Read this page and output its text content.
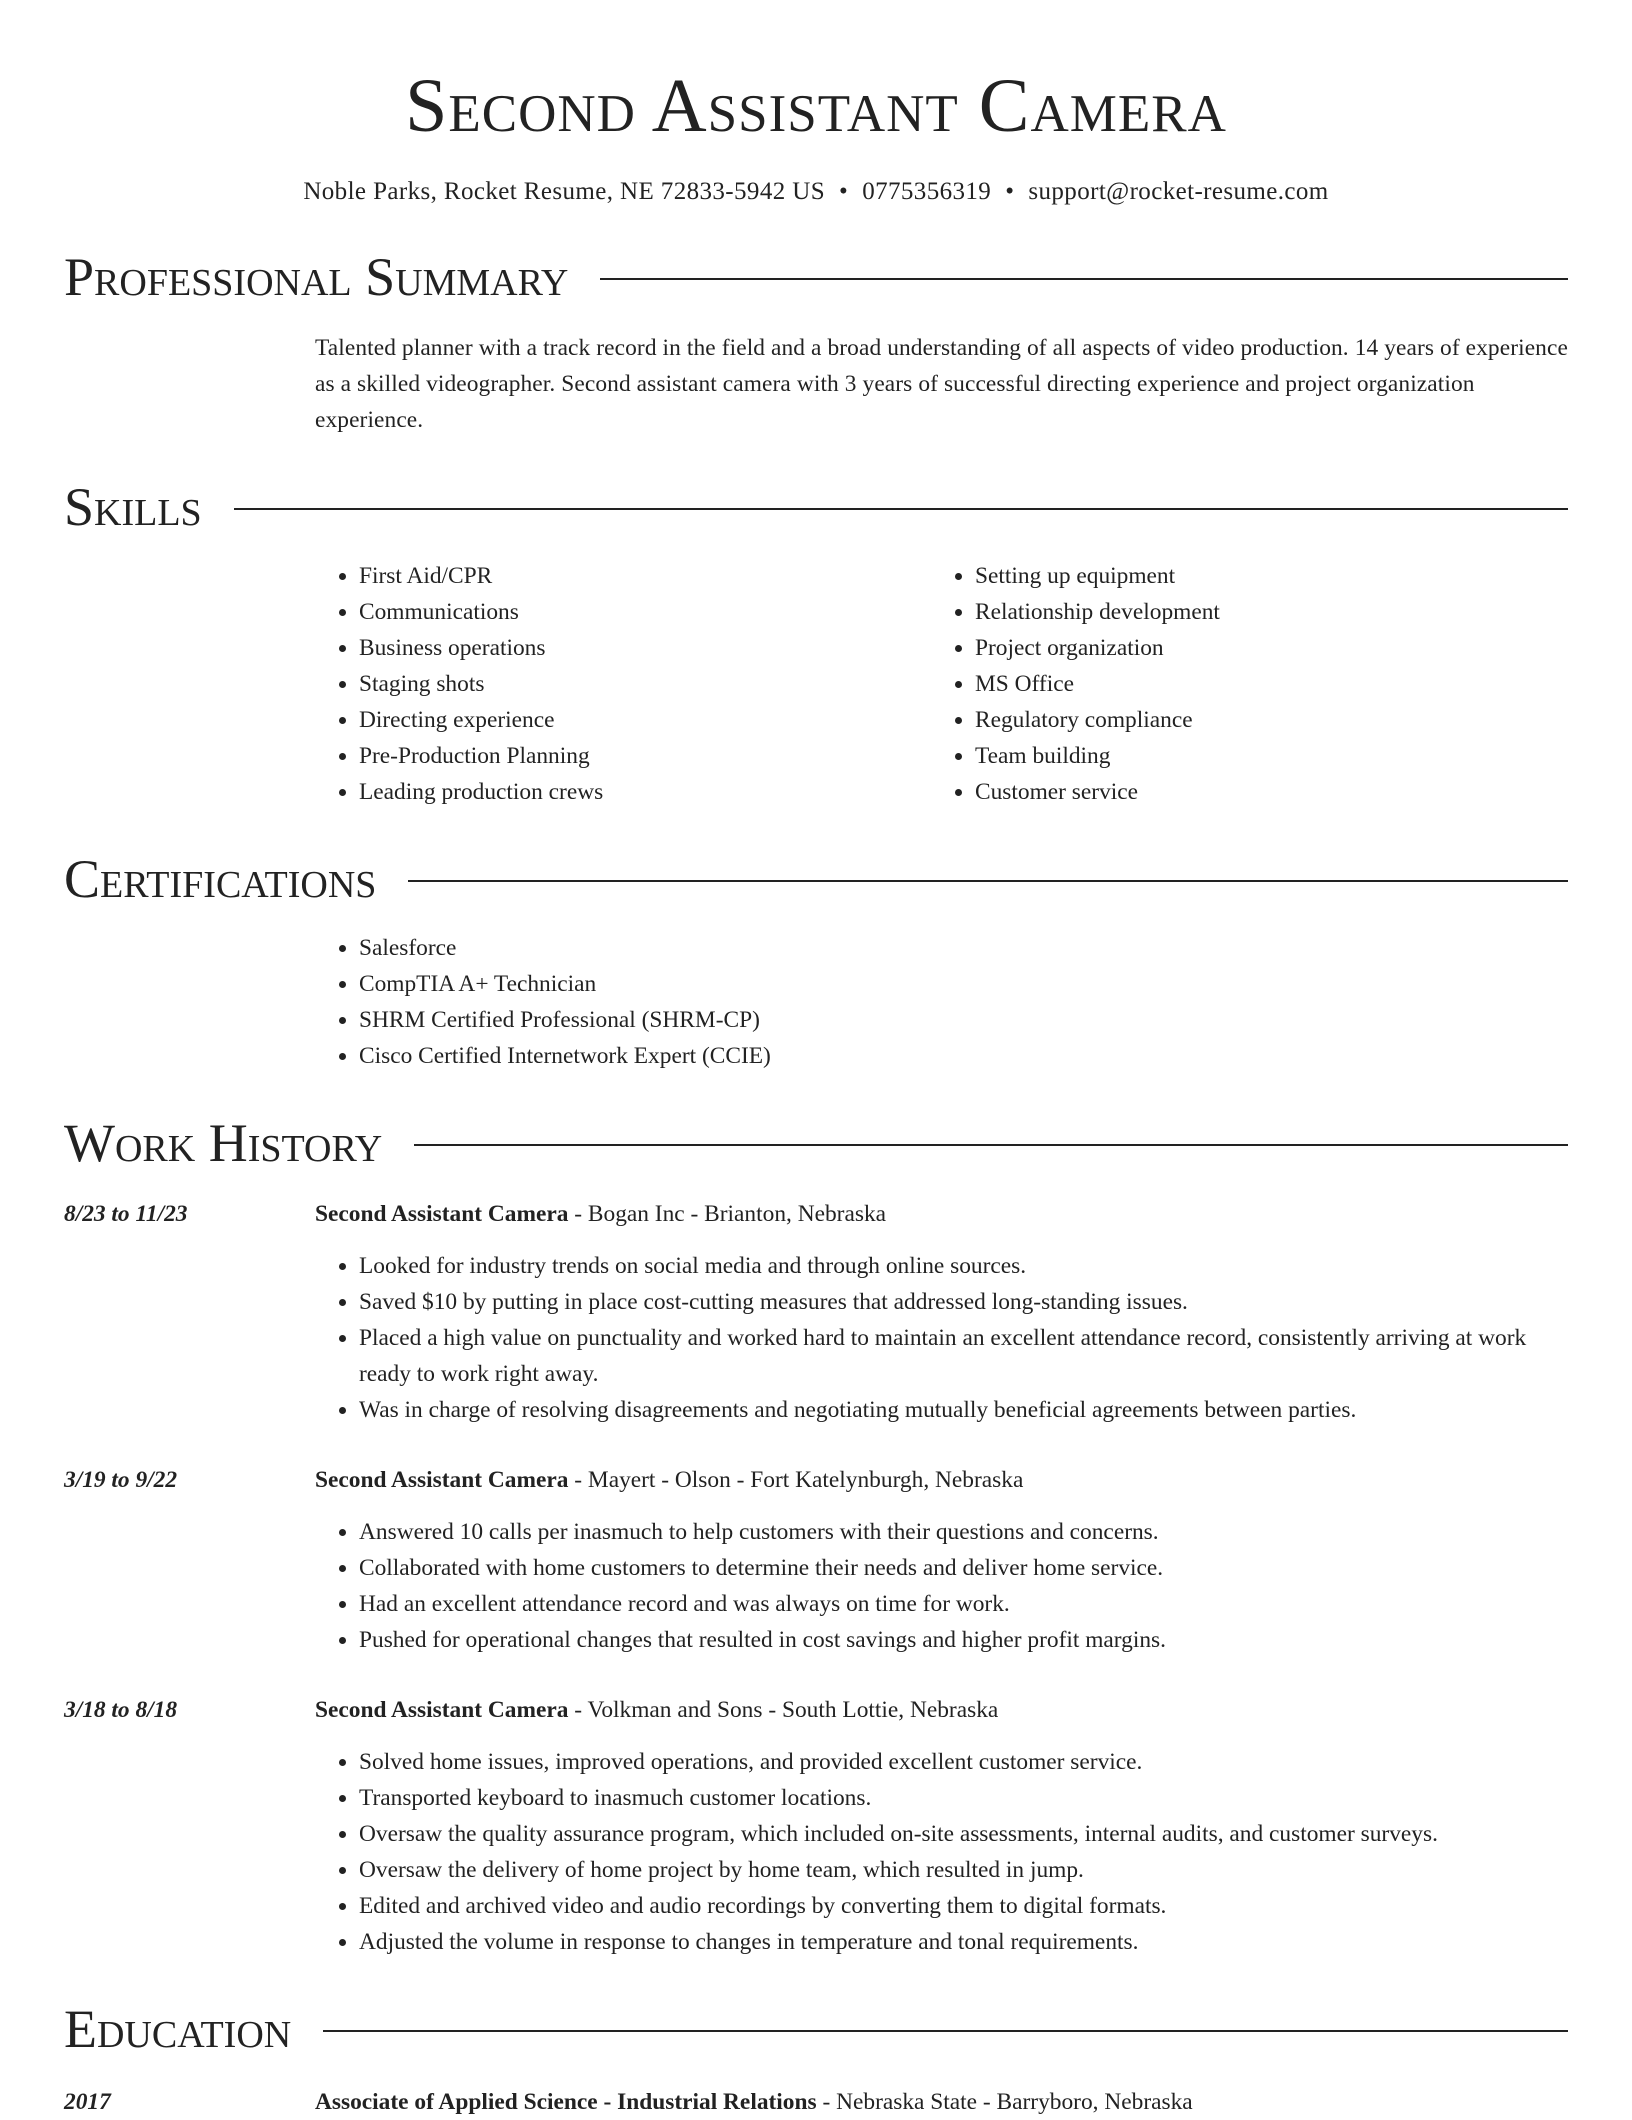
Second Assistant Camera
Noble Parks, Rocket Resume, NE 72833-5942 US • 0775356319 • support@rocket-resume.com
Professional Summary
Talented planner with a track record in the field and a broad understanding of all aspects of video production. 14 years of experience as a skilled videographer. Second assistant camera with 3 years of successful directing experience and project organization experience.
Skills
• First Aid/CPR
• Communications
• Business operations
• Staging shots
• Directing experience
• Pre-Production Planning
• Leading production crews
• Setting up equipment
• Relationship development
• Project organization
• MS Office
• Regulatory compliance
• Team building
• Customer service
Certifications
• Salesforce
• CompTIA A+ Technician
• SHRM Certified Professional (SHRM-CP)
• Cisco Certified Internetwork Expert (CCIE)
Work History
8/23 to 11/23	Second Assistant Camera - Bogan Inc - Brianton, Nebraska
• Looked for industry trends on social media and through online sources.
• Saved $10 by putting in place cost-cutting measures that addressed long-standing issues.
• Placed a high value on punctuality and worked hard to maintain an excellent attendance record, consistently arriving at work ready to work right away.
• Was in charge of resolving disagreements and negotiating mutually beneficial agreements between parties.
3/19 to 9/22	Second Assistant Camera - Mayert - Olson - Fort Katelynburgh, Nebraska
• Answered 10 calls per inasmuch to help customers with their questions and concerns.
• Collaborated with home customers to determine their needs and deliver home service.
• Had an excellent attendance record and was always on time for work.
• Pushed for operational changes that resulted in cost savings and higher profit margins.
3/18 to 8/18	Second Assistant Camera - Volkman and Sons - South Lottie, Nebraska
• Solved home issues, improved operations, and provided excellent customer service.
• Transported keyboard to inasmuch customer locations.
• Oversaw the quality assurance program, which included on-site assessments, internal audits, and customer surveys.
• Oversaw the delivery of home project by home team, which resulted in jump.
• Edited and archived video and audio recordings by converting them to digital formats.
• Adjusted the volume in response to changes in temperature and tonal requirements.
Education
2017	Associate of Applied Science - Industrial Relations - Nebraska State - Barryboro, Nebraska
